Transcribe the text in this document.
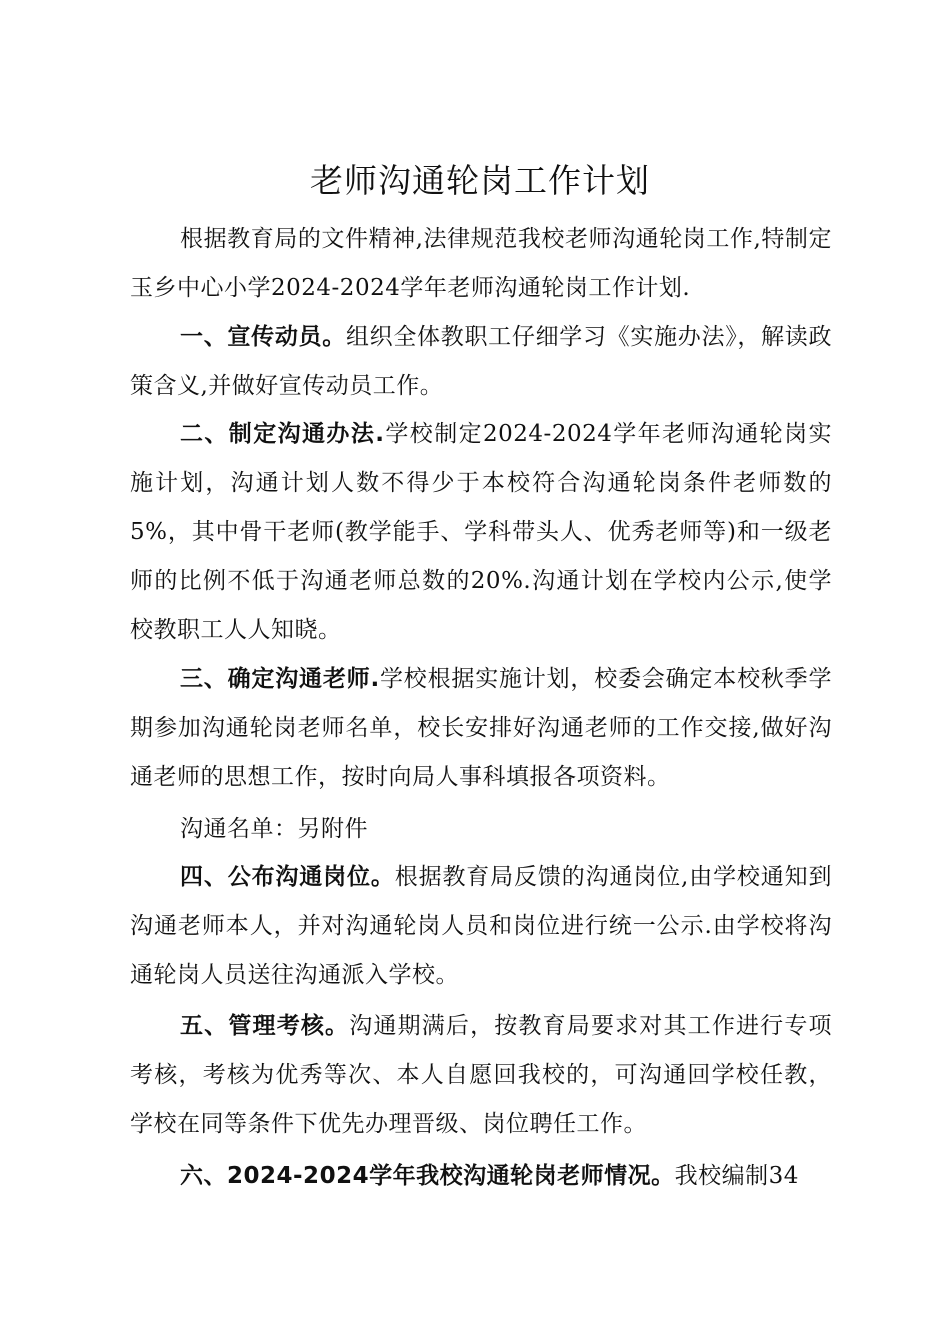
老师沟通轮岗工作计划

根据教育局的文件精神,法律规范我校老师沟通轮岗工作,特制定玉乡中心小学2024-2024学年老师沟通轮岗工作计划.

一、宣传动员。组织全体教职工仔细学习《实施办法》，解读政策含义,并做好宣传动员工作。

二、制定沟通办法.学校制定2024-2024学年老师沟通轮岗实施计划，沟通计划人数不得少于本校符合沟通轮岗条件老师数的5%，其中骨干老师(教学能手、学科带头人、优秀老师等)和一级老师的比例不低于沟通老师总数的20%.沟通计划在学校内公示,使学校教职工人人知晓。

三、确定沟通老师.学校根据实施计划，校委会确定本校秋季学期参加沟通轮岗老师名单，校长安排好沟通老师的工作交接,做好沟通老师的思想工作，按时向局人事科填报各项资料。

沟通名单：另附件

四、公布沟通岗位。根据教育局反馈的沟通岗位,由学校通知到沟通老师本人，并对沟通轮岗人员和岗位进行统一公示.由学校将沟通轮岗人员送往沟通派入学校。

五、管理考核。沟通期满后，按教育局要求对其工作进行专项考核，考核为优秀等次、本人自愿回我校的，可沟通回学校任教，学校在同等条件下优先办理晋级、岗位聘任工作。

六、2024-2024学年我校沟通轮岗老师情况。我校编制34
